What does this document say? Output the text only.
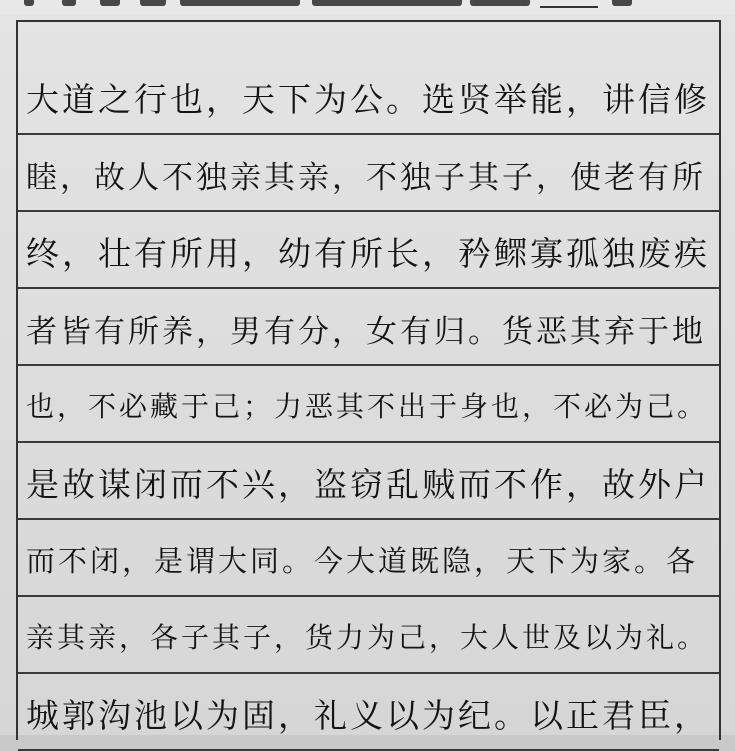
大道之行也，天下为公。选贤举能，讲信修
睦，故人不独亲其亲，不独子其子，使老有所
终，壮有所用，幼有所长，矜鳏寡孤独废疾
者皆有所养，男有分，女有归。货恶其弃于地
也，不必藏于己；力恶其不出于身也，不必为己。
是故谋闭而不兴，盗窃乱贼而不作，故外户
而不闭，是谓大同。今大道既隐，天下为家。各
亲其亲，各子其子，货力为己，大人世及以为礼。
城郭沟池以为固，礼义以为纪。以正君臣，
